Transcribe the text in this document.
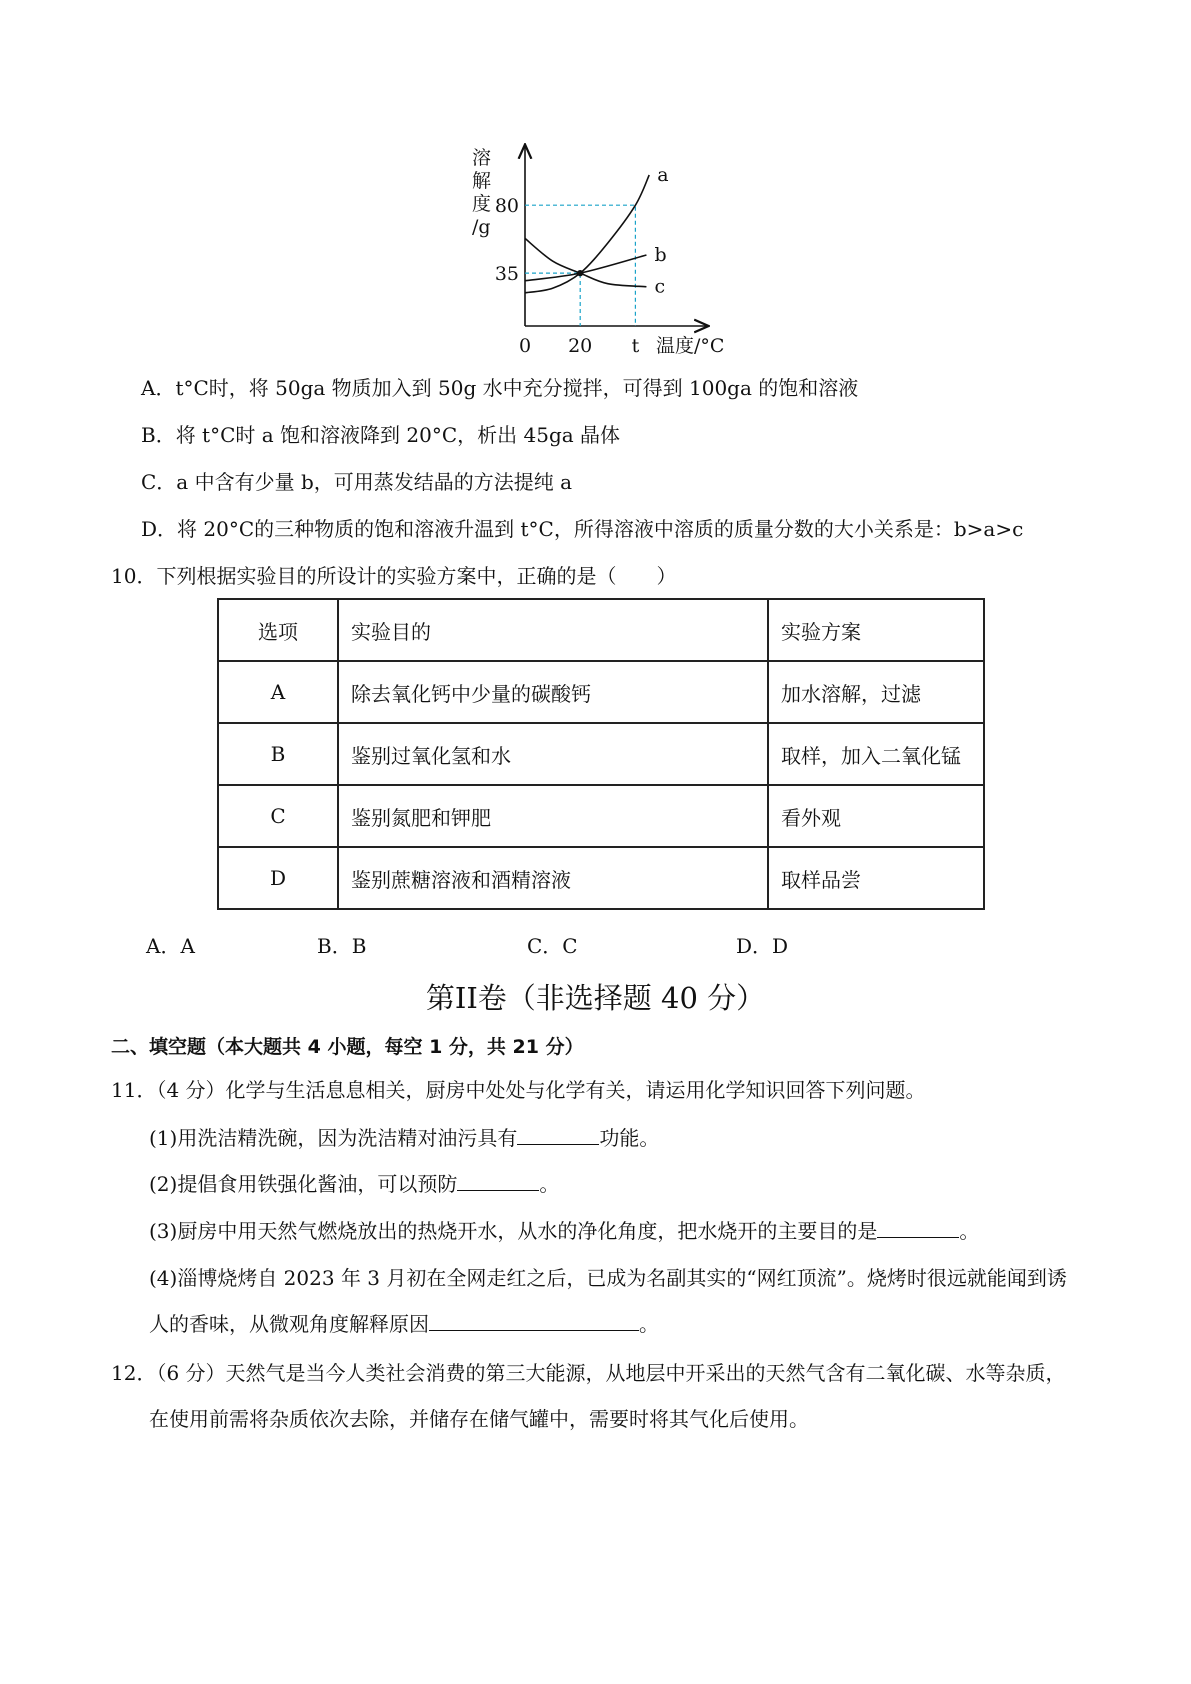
溶
解
度
/g
a
b
c
35
80
0 20 t 温度/°C
A．t°C时，将 50ga 物质加入到 50g 水中充分搅拌，可得到 100ga 的饱和溶液
B．将 t°C时 a 饱和溶液降到 20°C，析出 45ga 晶体
C．a 中含有少量 b，可用蒸发结晶的方法提纯 a
D．将 20°C的三种物质的饱和溶液升温到 t°C，所得溶液中溶质的质量分数的大小关系是：b>a>c
10．下列根据实验目的所设计的实验方案中，正确的是（　　）
选项	实验目的	实验方案
A	除去氧化钙中少量的碳酸钙	加水溶解，过滤
B	鉴别过氧化氢和水	取样，加入二氧化锰
C	鉴别氮肥和钾肥	看外观
D	鉴别蔗糖溶液和酒精溶液	取样品尝
A．A	B．B	C．C	D．D
第II卷（非选择题 40 分）
二、填空题（本大题共 4 小题，每空 1 分，共 21 分）
11．（4 分）化学与生活息息相关，厨房中处处与化学有关，请运用化学知识回答下列问题。
(1)用洗洁精洗碗，因为洗洁精对油污具有	功能。
(2)提倡食用铁强化酱油，可以预防	。
(3)厨房中用天然气燃烧放出的热烧开水，从水的净化角度，把水烧开的主要目的是	。
(4)淄博烧烤自 2023 年 3 月初在全网走红之后，已成为名副其实的“网红顶流”。烧烤时很远就能闻到诱
人的香味，从微观角度解释原因	。
12．（6 分）天然气是当今人类社会消费的第三大能源，从地层中开采出的天然气含有二氧化碳、水等杂质，
在使用前需将杂质依次去除，并储存在储气罐中，需要时将其气化后使用。
